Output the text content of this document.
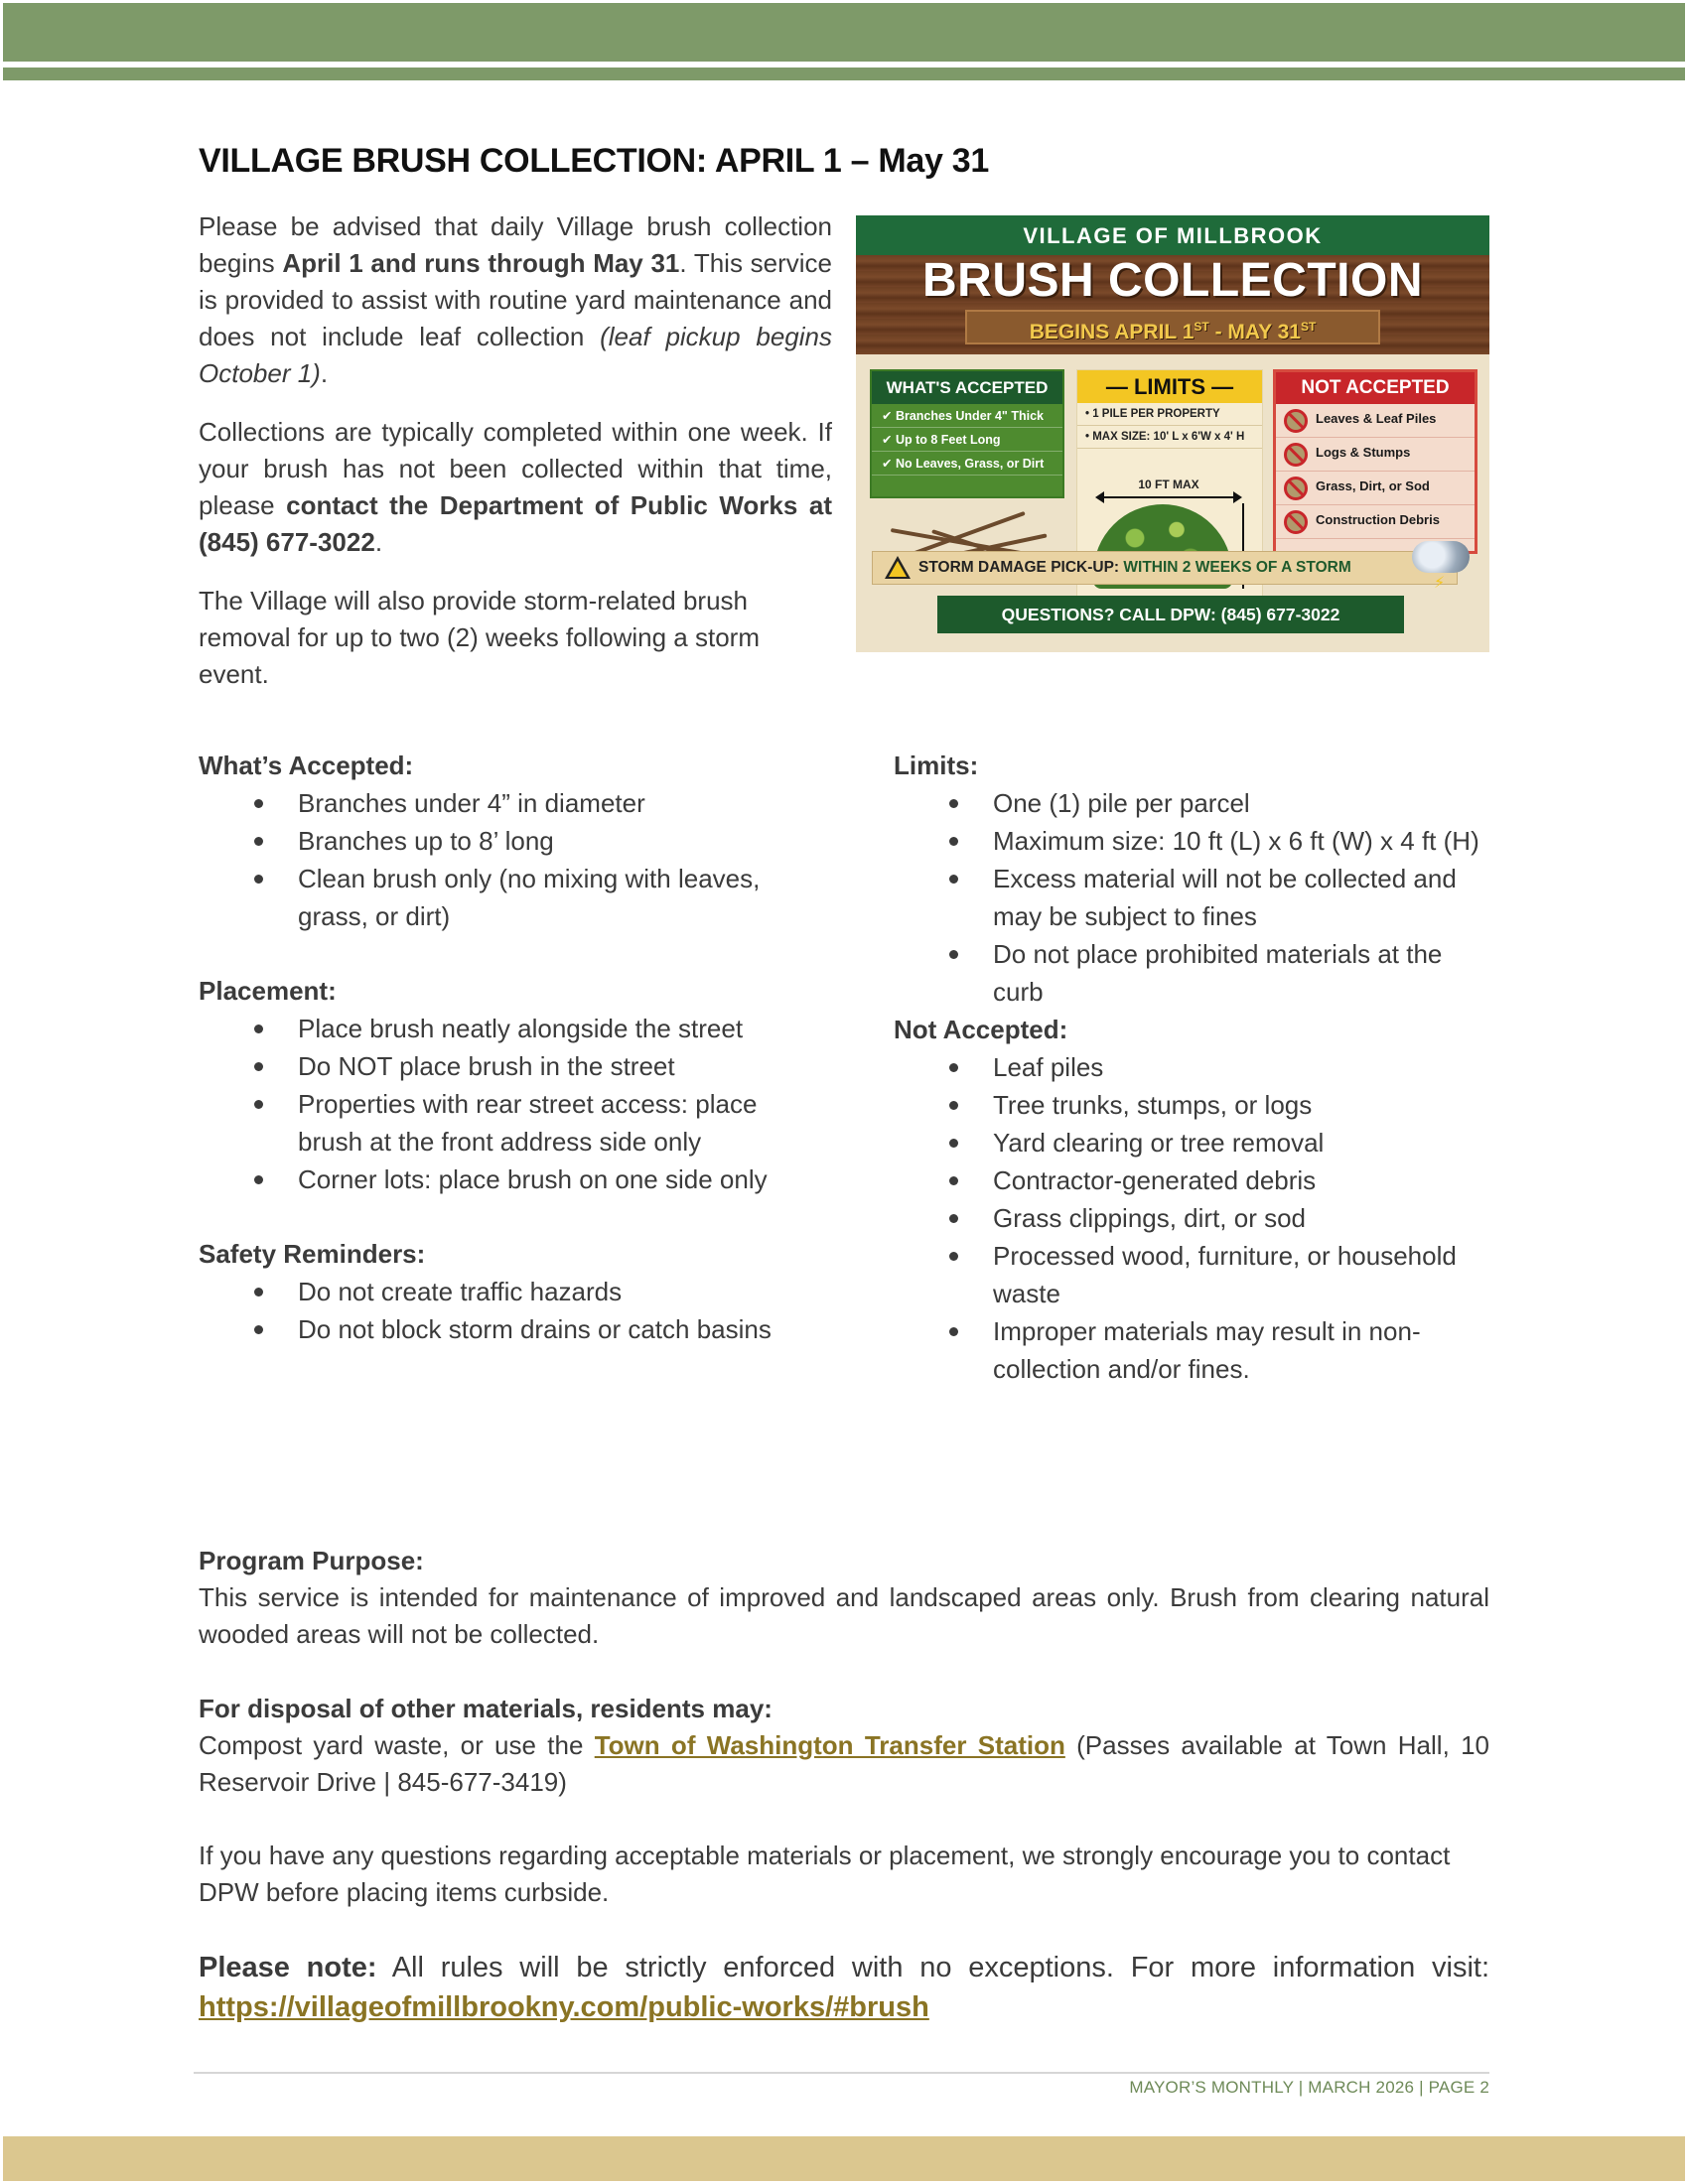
VILLAGE BRUSH COLLECTION: APRIL 1 – May 31

Please be advised that daily Village brush collection begins April 1 and runs through May 31. This service is provided to assist with routine yard maintenance and does not include leaf collection (leaf pickup begins October 1).

Collections are typically completed within one week. If your brush has not been collected within that time, please contact the Department of Public Works at (845) 677-3022.

The Village will also provide storm-related brush removal for up to two (2) weeks following a storm event.

VILLAGE OF MILLBROOK
BRUSH COLLECTION
BEGINS APRIL 1ST - MAY 31ST
WHAT'S ACCEPTED
✔ Branches Under 4" Thick
✔ Up to 8 Feet Long
✔ No Leaves, Grass, or Dirt
— LIMITS —
• 1 PILE PER PROPERTY
• MAX SIZE: 10' L x 6'W x 4' H
10 FT MAX
NOT ACCEPTED
Leaves & Leaf Piles
Logs & Stumps
Grass, Dirt, or Sod
Construction Debris
!
STORM DAMAGE PICK-UP: WITHIN 2 WEEKS OF A STORM
⚡
QUESTIONS? CALL DPW: (845) 677-3022
What’s Accepted:
Branches under 4” in diameter
Branches up to 8’ long
Clean brush only (no mixing with leaves, grass, or dirt)
Placement:
Place brush neatly alongside the street
Do NOT place brush in the street
Properties with rear street access: place brush at the front address side only
Corner lots: place brush on one side only
Safety Reminders:
Do not create traffic hazards
Do not block storm drains or catch basins
Limits:
One (1) pile per parcel
Maximum size: 10 ft (L) x 6 ft (W) x 4 ft (H)
Excess material will not be collected and may be subject to fines
Do not place prohibited materials at the curb
Not Accepted:
Leaf piles
Tree trunks, stumps, or logs
Yard clearing or tree removal
Contractor-generated debris
Grass clippings, dirt, or sod
Processed wood, furniture, or household waste
Improper materials may result in non-collection and/or fines.
Program Purpose:

This service is intended for maintenance of improved and landscaped areas only. Brush from clearing natural wooded areas will not be collected.

For disposal of other materials, residents may:

Compost yard waste, or use the Town of Washington Transfer Station (Passes available at Town Hall, 10 Reservoir Drive | 845-677-3419)

If you have any questions regarding acceptable materials or placement, we strongly encourage you to contact DPW before placing items curbside.

Please note: All rules will be strictly enforced with no exceptions. For more information visit: https://villageofmillbrookny.com/public-works/#brush

MAYOR’S MONTHLY | MARCH 2026 | PAGE 2
